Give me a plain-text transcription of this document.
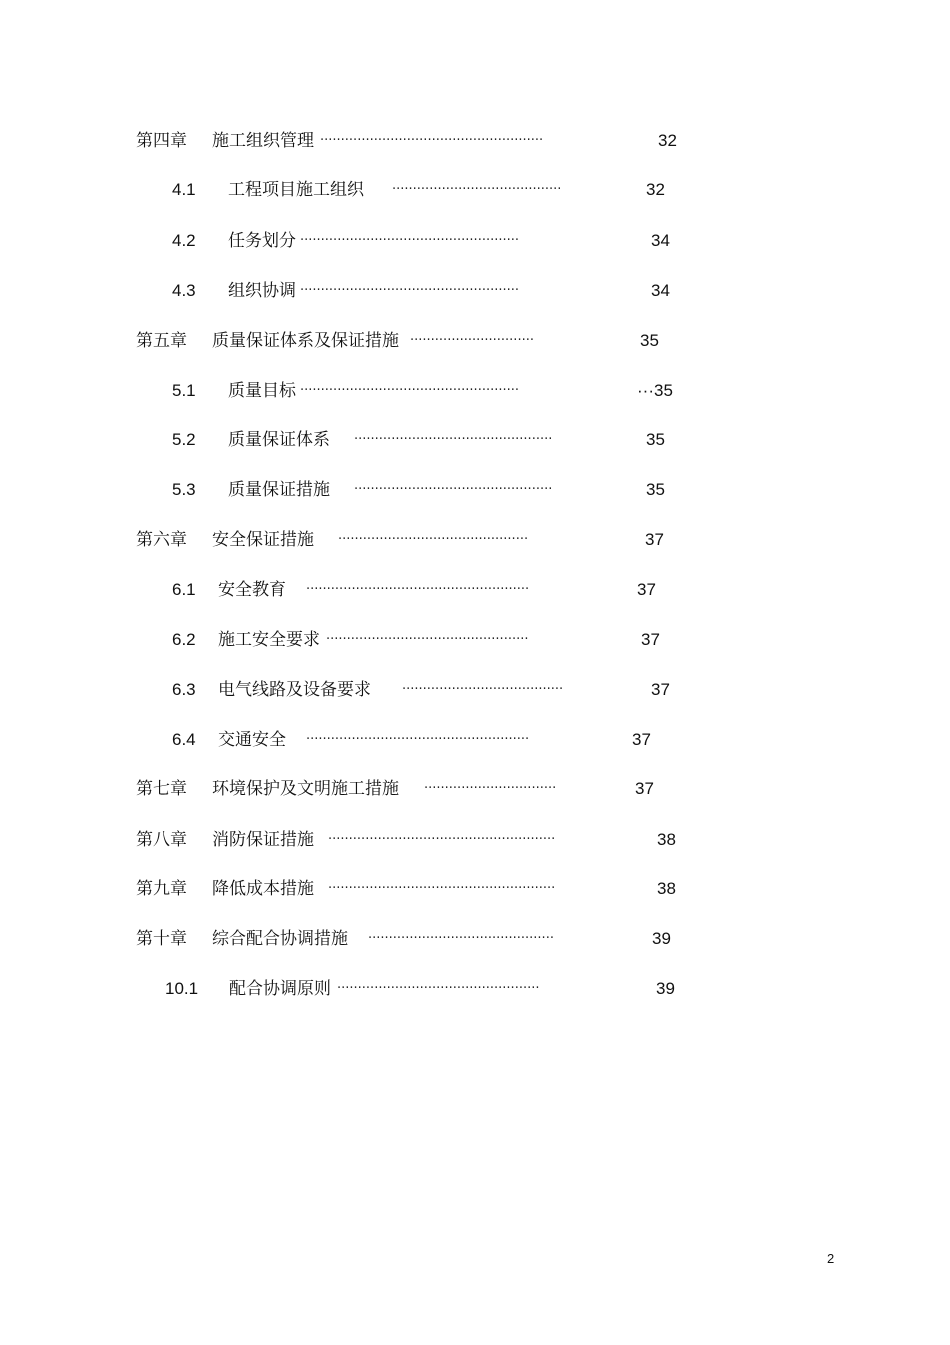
第四章 施工组织管理 ······················································	32
4.1 工程项目施工组织 ·········································	32
4.2 任务划分 ·····················································	34
4.3 组织协调 ·····················································	34
第五章 质量保证体系及保证措施 ······························	35
5.1 质量目标 ·····················································	···35
5.2 质量保证体系 ················································	35
5.3 质量保证措施 ················································	35
第六章 安全保证措施 ··············································	37
6.1 安全教育 ······················································	37
6.2 施工安全要求 ·················································	37
6.3 电气线路及设备要求 ·······································	37
6.4 交通安全 ······················································	37
第七章 环境保护及文明施工措施 ································	37
第八章 消防保证措施 ·······················································	38
第九章 降低成本措施 ·······················································	38
第十章 综合配合协调措施 ·············································	39
10.1 配合协调原则 ·················································	39
2
